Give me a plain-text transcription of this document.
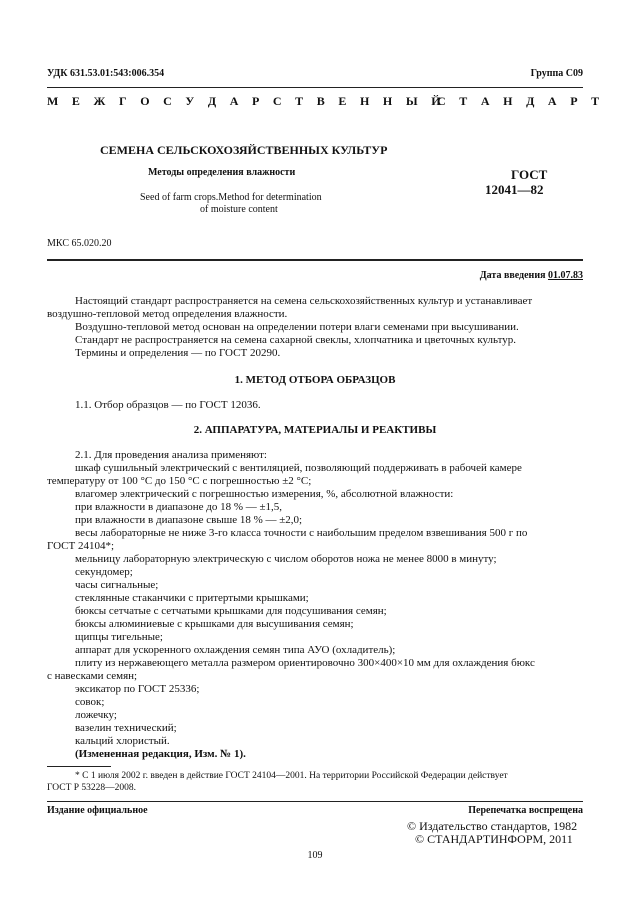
УДК 631.53.01:543:006.354	Группа С09
М Е Ж Г О С У Д А Р С Т В Е Н Н Ы Й
С Т А Н Д А Р Т
СЕМЕНА СЕЛЬСКОХОЗЯЙСТВЕННЫХ КУЛЬТУР
Методы определения влажности
Seed of farm crops.Method for determination
of moisture content
ГОСТ
12041—82
МКС 65.020.20
Дата введения 01.07.83
Настоящий стандарт распространяется на семена сельскохозяйственных культур и устанавливает
воздушно-тепловой метод определения влажности.
Воздушно-тепловой метод основан на определении потери влаги семенами при высушивании.
Стандарт не распространяется на семена сахарной свеклы, хлопчатника и цветочных культур.
Термины и определения — по ГОСТ 20290.
1. МЕТОД ОТБОРА ОБРАЗЦОВ
1.1. Отбор образцов — по ГОСТ 12036.
2. АППАРАТУРА, МАТЕРИАЛЫ И РЕАКТИВЫ
2.1. Для проведения анализа применяют:
шкаф сушильный электрический с вентиляцией, позволяющий поддерживать в рабочей камере
температуру от 100 °С до 150 °С с погрешностью ±2 °С;
влагомер электрический с погрешностью измерения, %, абсолютной влажности:
при влажности в диапазоне до 18 % — ±1,5,
при влажности в диапазоне свыше 18 % — ±2,0;
весы лабораторные не ниже 3-го класса точности с наибольшим пределом взвешивания 500 г по
ГОСТ 24104*;
мельницу лабораторную электрическую с числом оборотов ножа не менее 8000 в минуту;
секундомер;
часы сигнальные;
стеклянные стаканчики с притертыми крышками;
бюксы сетчатые с сетчатыми крышками для подсушивания семян;
бюксы алюминиевые с крышками для высушивания семян;
щипцы тигельные;
аппарат для ускоренного охлаждения семян типа АУО (охладитель);
плиту из нержавеющего металла размером ориентировочно 300×400×10 мм для охлаждения бюкс
с навесками семян;
эксикатор по ГОСТ 25336;
совок;
ложечку;
вазелин технический;
кальций хлористый.
(Измененная редакция, Изм. № 1).
* С 1 июля 2002 г. введен в действие ГОСТ 24104—2001. На территории Российской Федерации действует
ГОСТ Р 53228—2008.
Издание официальное	Перепечатка воспрещена
© Издательство стандартов, 1982
© СТАНДАРТИНФОРМ, 2011
109
